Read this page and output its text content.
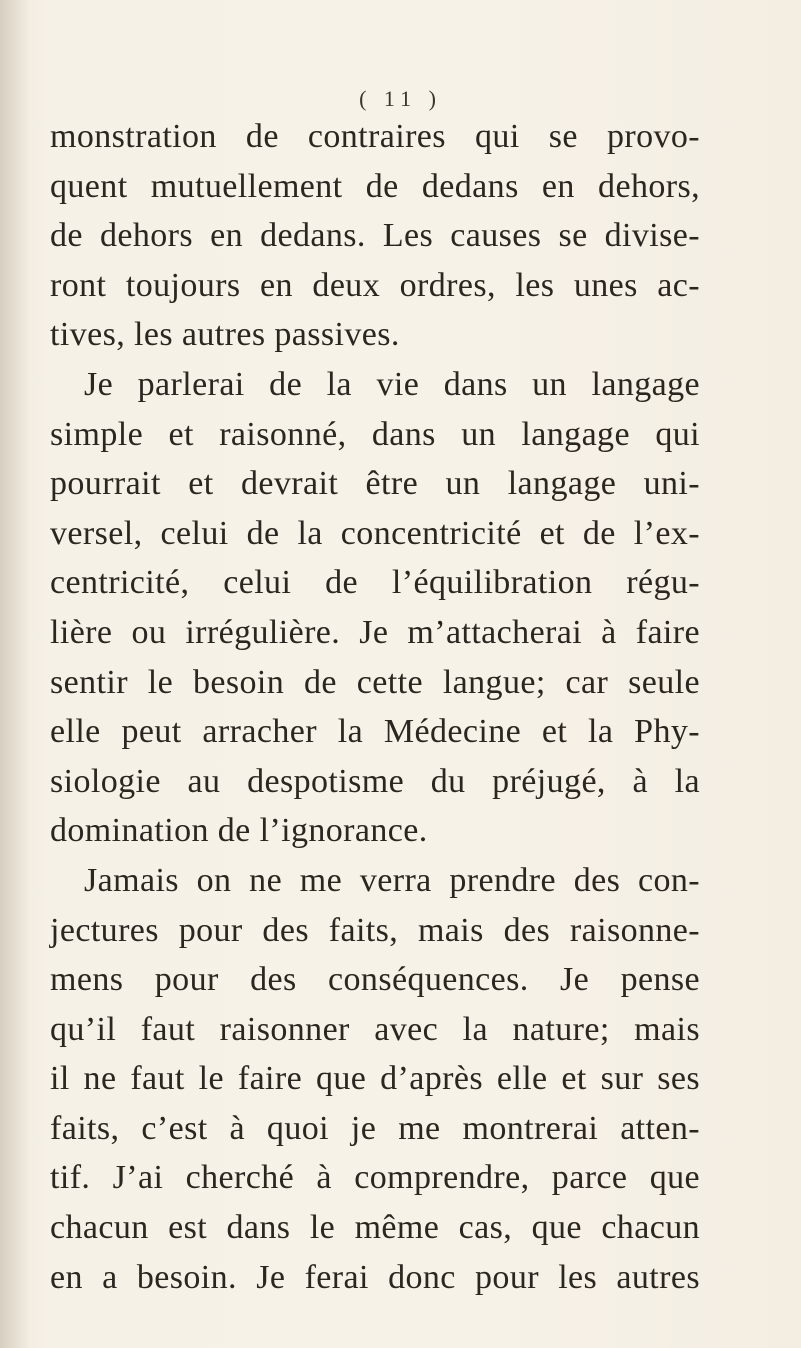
( 11 )
monstration de contraires qui se provo-
quent mutuellement de dedans en dehors,
de dehors en dedans. Les causes se divise-
ront toujours en deux ordres, les unes ac-
tives, les autres passives.
Je parlerai de la vie dans un langage
simple et raisonné, dans un langage qui
pourrait et devrait être un langage uni-
versel, celui de la concentricité et de l’ex-
centricité, celui de l’équilibration régu-
lière ou irrégulière. Je m’attacherai à faire
sentir le besoin de cette langue; car seule
elle peut arracher la Médecine et la Phy-
siologie au despotisme du préjugé, à la
domination de l’ignorance.
Jamais on ne me verra prendre des con-
jectures pour des faits, mais des raisonne-
mens pour des conséquences. Je pense
qu’il faut raisonner avec la nature; mais
il ne faut le faire que d’après elle et sur ses
faits, c’est à quoi je me montrerai atten-
tif. J’ai cherché à comprendre, parce que
chacun est dans le même cas, que chacun
en a besoin. Je ferai donc pour les autres
